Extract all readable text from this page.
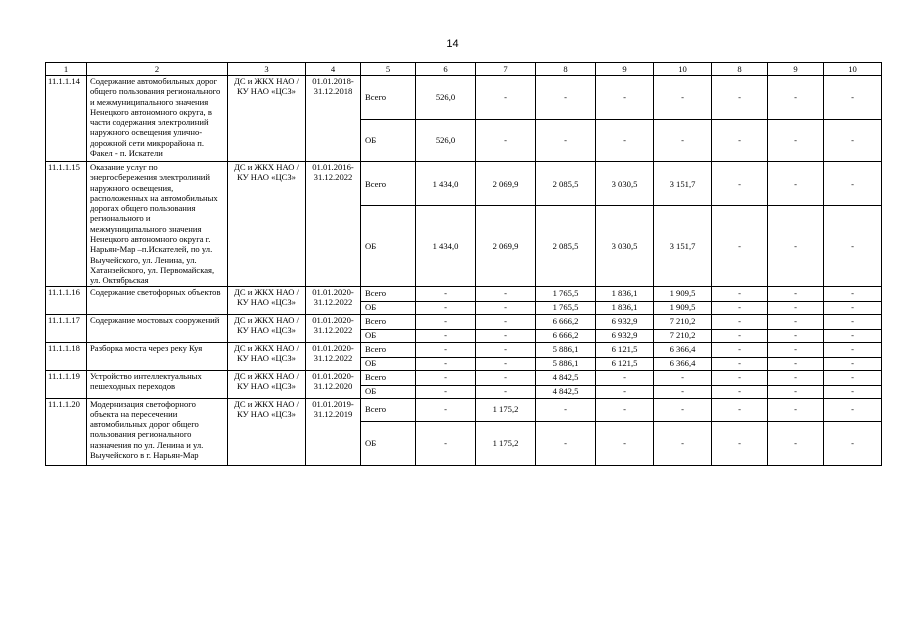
14
1	2	3	4	5	6	7	8	9	10	8	9	10
11.1.1.14	Содержание автомобильных дорог общего пользования регионального и межмуниципального значения Ненецкого автономного округа, в части содержания электролиний наружного освещения улично-дорожной сети микрорайона п. Факел - п. Искатели	ДС и ЖКХ НАО / КУ НАО «ЦСЗ»	01.01.2018-31.12.2018	Всего	526,0	-	-	-	-	-	-	-
				ОБ	526,0	-	-	-	-	-	-	-
11.1.1.15	Оказание услуг по энергосбережения электролиний наружного освещения, расположенных на автомобильных дорогах общего пользования регионального и межмуниципального значения Ненецкого автономного округа г. Нарьян-Мар –п.Искателей, по ул. Выучейского, ул. Ленина, ул. Хатанзейского, ул. Первомайская, ул. Октябрьская	ДС и ЖКХ НАО / КУ НАО «ЦСЗ»	01.01.2016-31.12.2022	Всего	1 434,0	2 069,9	2 085,5	3 030,5	3 151,7	-	-	-
				ОБ	1 434,0	2 069,9	2 085,5	3 030,5	3 151,7	-	-	-
11.1.1.16	Содержание светофорных объектов	ДС и ЖКХ НАО / КУ НАО «ЦСЗ»	01.01.2020-31.12.2022	Всего	-	-	1 765,5	1 836,1	1 909,5	-	-	-
				ОБ	-	-	1 765,5	1 836,1	1 909,5	-	-	-
11.1.1.17	Содержание мостовых сооружений	ДС и ЖКХ НАО / КУ НАО «ЦСЗ»	01.01.2020-31.12.2022	Всего	-	-	6 666,2	6 932,9	7 210,2	-	-	-
				ОБ	-	-	6 666,2	6 932,9	7 210,2	-	-	-
11.1.1.18	Разборка моста через реку Куя	ДС и ЖКХ НАО / КУ НАО «ЦСЗ»	01.01.2020-31.12.2022	Всего	-	-	5 886,1	6 121,5	6 366,4	-	-	-
				ОБ	-	-	5 886,1	6 121,5	6 366,4	-	-	-
11.1.1.19	Устройство интеллектуальных пешеходных переходов	ДС и ЖКХ НАО / КУ НАО «ЦСЗ»	01.01.2020-31.12.2020	Всего	-	-	4 842,5	-	-	-	-	-
				ОБ	-	-	4 842,5	-	-	-	-	-
11.1.1.20	Модернизация светофорного объекта на пересечении автомобильных дорог общего пользования регионального назначения по ул. Ленина и ул. Выучейского в г. Нарьян-Мар	ДС и ЖКХ НАО / КУ НАО «ЦСЗ»	01.01.2019-31.12.2019	Всего	-	1 175,2	-	-	-	-	-	-
				ОБ	-	1 175,2	-	-	-	-	-	-
